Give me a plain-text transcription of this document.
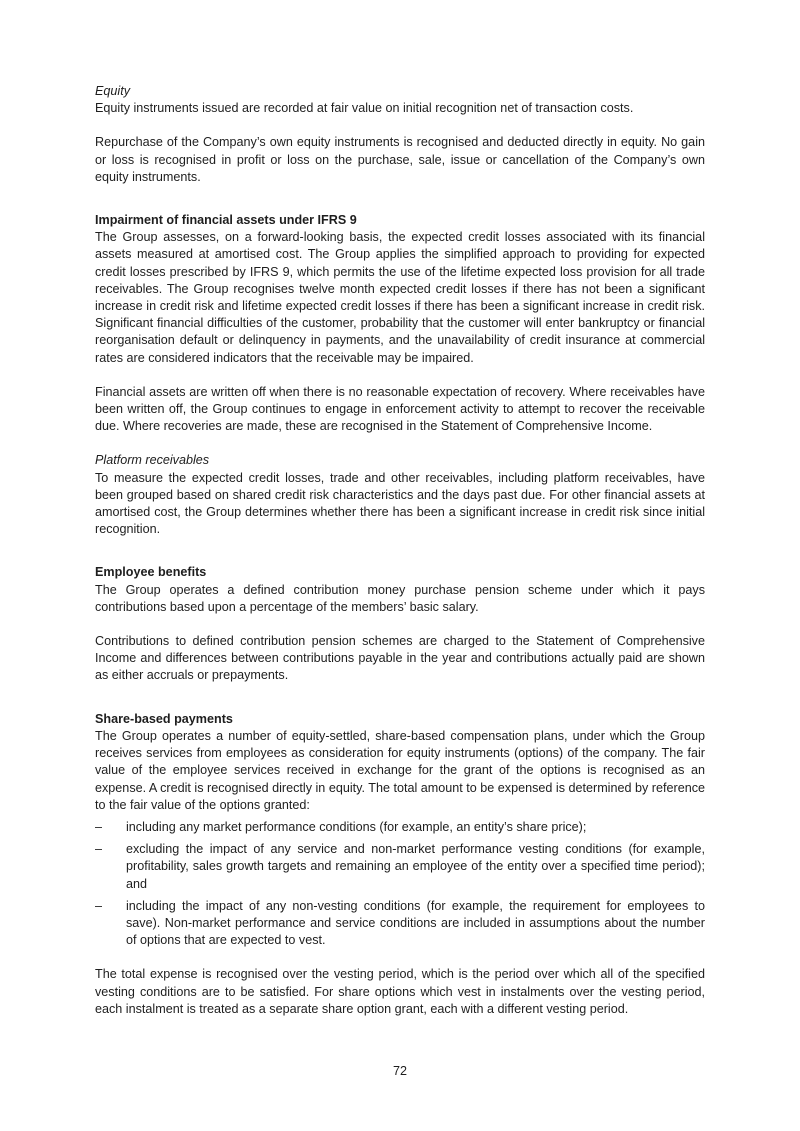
Equity

Equity instruments issued are recorded at fair value on initial recognition net of transaction costs.

Repurchase of the Company’s own equity instruments is recognised and deducted directly in equity. No gain or loss is recognised in profit or loss on the purchase, sale, issue or cancellation of the Company’s own equity instruments.

Impairment of financial assets under IFRS 9

The Group assesses, on a forward-looking basis, the expected credit losses associated with its financial assets measured at amortised cost. The Group applies the simplified approach to providing for expected credit losses prescribed by IFRS 9, which permits the use of the lifetime expected loss provision for all trade receivables. The Group recognises twelve month expected credit losses if there has not been a significant increase in credit risk and lifetime expected credit losses if there has been a significant increase in credit risk. Significant financial difficulties of the customer, probability that the customer will enter bankruptcy or financial reorganisation default or delinquency in payments, and the unavailability of credit insurance at commercial rates are considered indicators that the receivable may be impaired.

Financial assets are written off when there is no reasonable expectation of recovery. Where receivables have been written off, the Group continues to engage in enforcement activity to attempt to recover the receivable due. Where recoveries are made, these are recognised in the Statement of Comprehensive Income.

Platform receivables

To measure the expected credit losses, trade and other receivables, including platform receivables, have been grouped based on shared credit risk characteristics and the days past due. For other financial assets at amortised cost, the Group determines whether there has been a significant increase in credit risk since initial recognition.

Employee benefits

The Group operates a defined contribution money purchase pension scheme under which it pays contributions based upon a percentage of the members’ basic salary.

Contributions to defined contribution pension schemes are charged to the Statement of Comprehensive Income and differences between contributions payable in the year and contributions actually paid are shown as either accruals or prepayments.

Share-based payments

The Group operates a number of equity-settled, share-based compensation plans, under which the Group receives services from employees as consideration for equity instruments (options) of the company. The fair value of the employee services received in exchange for the grant of the options is recognised as an expense. A credit is recognised directly in equity. The total amount to be expensed is determined by reference to the fair value of the options granted:

– including any market performance conditions (for example, an entity’s share price);
– excluding the impact of any service and non-market performance vesting conditions (for example, profitability, sales growth targets and remaining an employee of the entity over a specified time period); and
– including the impact of any non-vesting conditions (for example, the requirement for employees to save). Non-market performance and service conditions are included in assumptions about the number of options that are expected to vest.

The total expense is recognised over the vesting period, which is the period over which all of the specified vesting conditions are to be satisfied. For share options which vest in instalments over the vesting period, each instalment is treated as a separate share option grant, each with a different vesting period.

72
